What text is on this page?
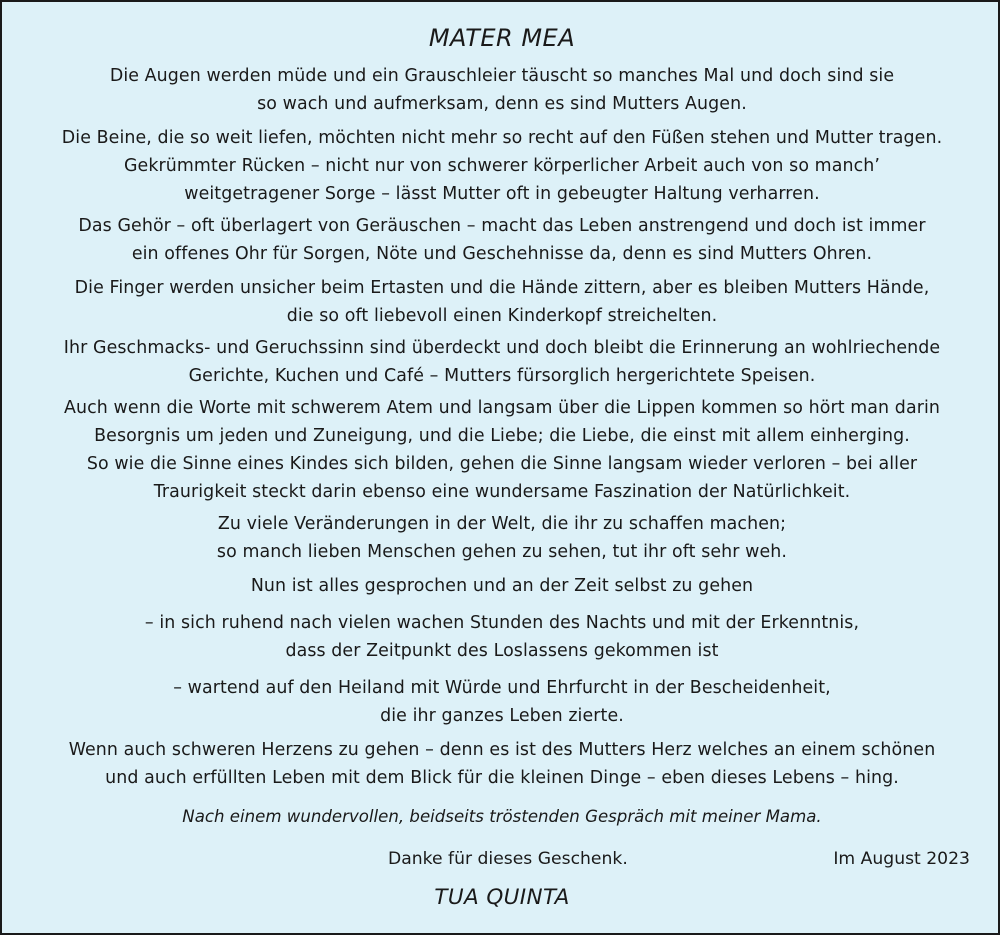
MATER MEA
Die Augen werden müde und ein Grauschleier täuscht so manches Mal und doch sind sie
so wach und aufmerksam, denn es sind Mutters Augen.
Die Beine, die so weit liefen, möchten nicht mehr so recht auf den Füßen stehen und Mutter tragen.
Gekrümmter Rücken – nicht nur von schwerer körperlicher Arbeit auch von so manch’
weitgetragener Sorge – lässt Mutter oft in gebeugter Haltung verharren.
Das Gehör – oft überlagert von Geräuschen – macht das Leben anstrengend und doch ist immer
ein offenes Ohr für Sorgen, Nöte und Geschehnisse da, denn es sind Mutters Ohren.
Die Finger werden unsicher beim Ertasten und die Hände zittern, aber es bleiben Mutters Hände,
die so oft liebevoll einen Kinderkopf streichelten.
Ihr Geschmacks- und Geruchssinn sind überdeckt und doch bleibt die Erinnerung an wohlriechende
Gerichte, Kuchen und Café – Mutters fürsorglich hergerichtete Speisen.
Auch wenn die Worte mit schwerem Atem und langsam über die Lippen kommen so hört man darin
Besorgnis um jeden und Zuneigung, und die Liebe; die Liebe, die einst mit allem einherging.
So wie die Sinne eines Kindes sich bilden, gehen die Sinne langsam wieder verloren – bei aller
Traurigkeit steckt darin ebenso eine wundersame Faszination der Natürlichkeit.
Zu viele Veränderungen in der Welt, die ihr zu schaffen machen;
so manch lieben Menschen gehen zu sehen, tut ihr oft sehr weh.
Nun ist alles gesprochen und an der Zeit selbst zu gehen
– in sich ruhend nach vielen wachen Stunden des Nachts und mit der Erkenntnis,
dass der Zeitpunkt des Loslassens gekommen ist
– wartend auf den Heiland mit Würde und Ehrfurcht in der Bescheidenheit,
die ihr ganzes Leben zierte.
Wenn auch schweren Herzens zu gehen – denn es ist des Mutters Herz welches an einem schönen
und auch erfüllten Leben mit dem Blick für die kleinen Dinge – eben dieses Lebens – hing.
Nach einem wundervollen, beidseits tröstenden Gespräch mit meiner Mama.
Danke für dieses Geschenk.	Im August 2023
TUA QUINTA
